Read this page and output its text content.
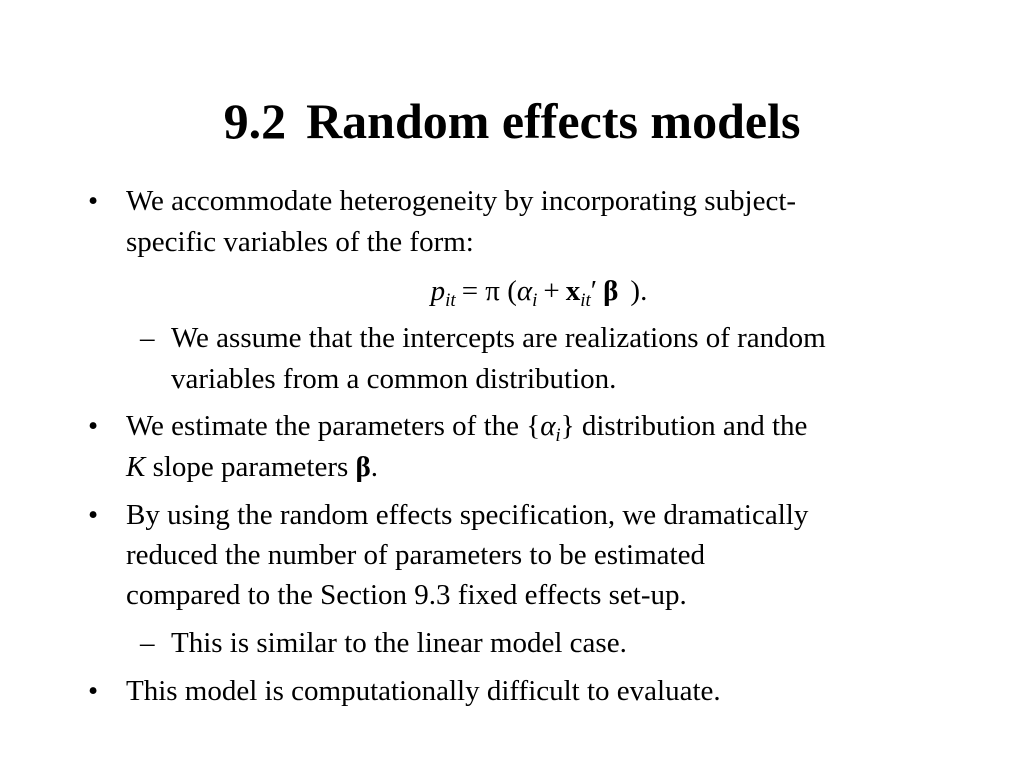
9.2 Random effects models
• We accommodate heterogeneity by incorporating subject-
specific variables of the form:
$p_{it} = \pi$ ($\alpha_i + x_{it}'$ β ).
– We assume that the intercepts are realizations of random
variables from a common distribution.
• We estimate the parameters of the $\{\alpha_i\}$ distribution and the
K slope parameters β.
• By using the random effects specification, we dramatically
reduced the number of parameters to be estimated
compared to the Section 9.3 fixed effects set-up.
– This is similar to the linear model case.
• This model is computationally difficult to evaluate.
